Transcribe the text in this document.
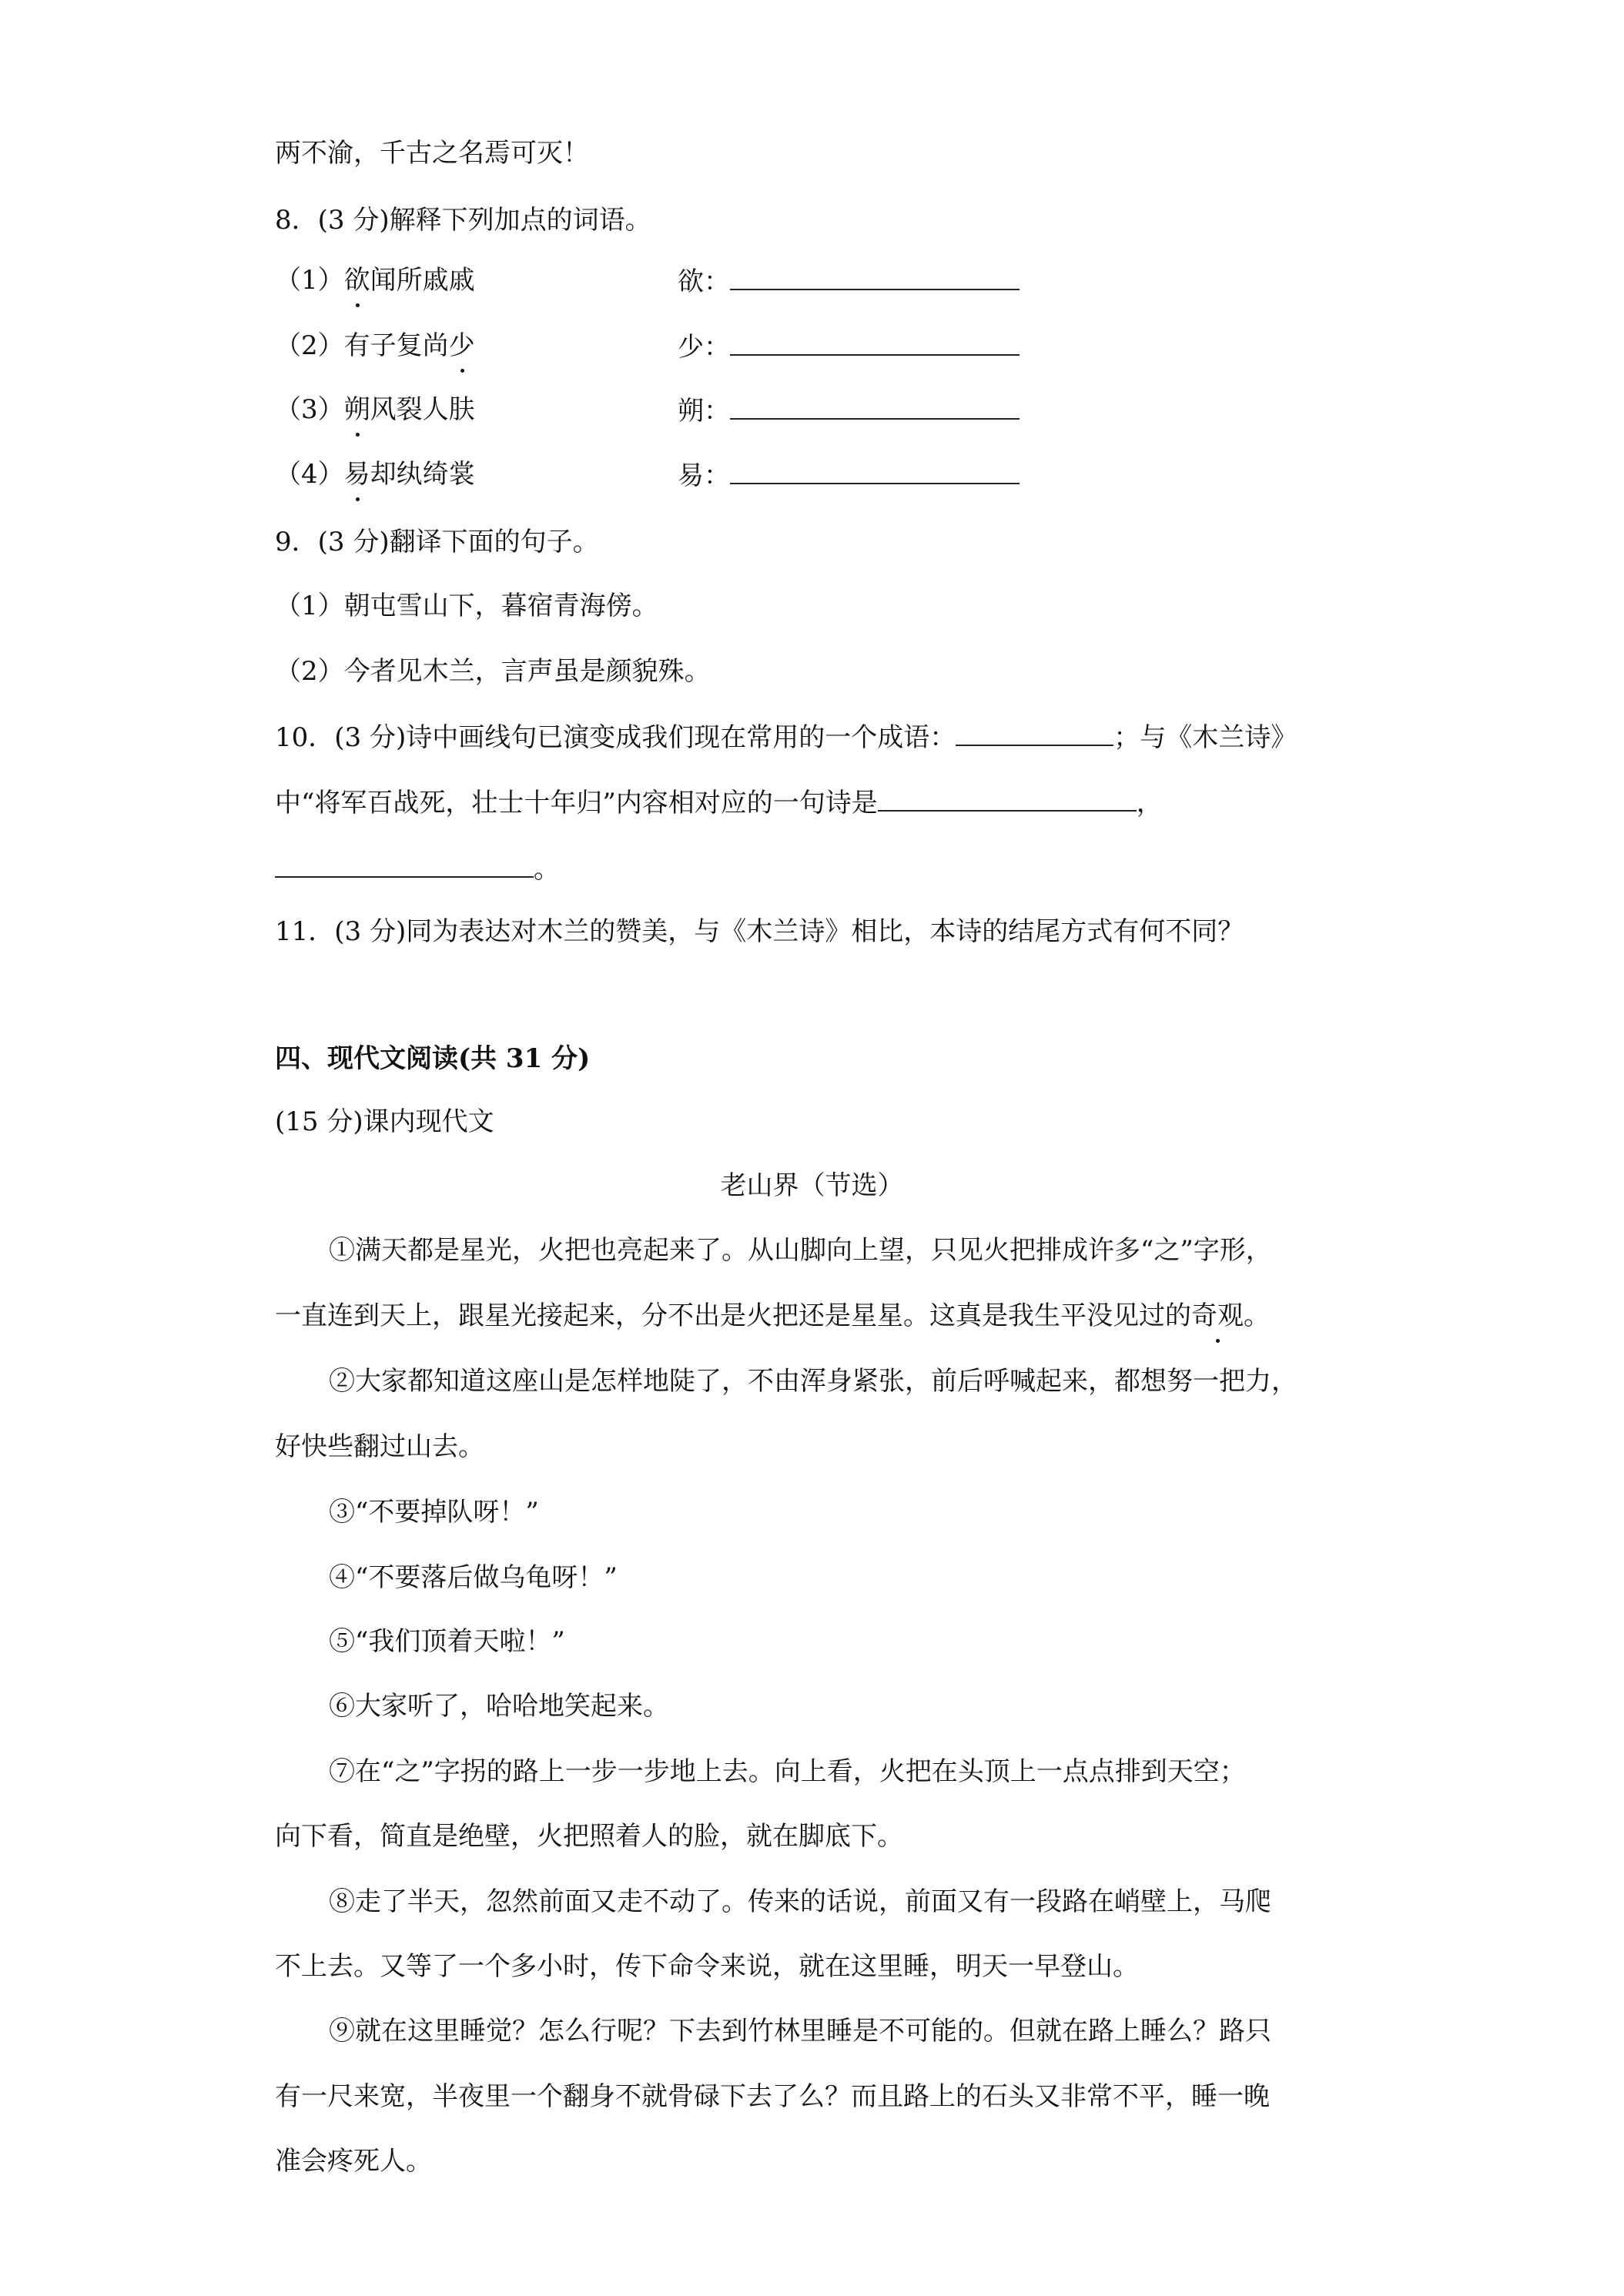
两不渝，千古之名焉可灭！
8．(3 分)解释下列加点的词语。
（1）欲闻所戚戚	欲：
（2）有子复尚少	少：
（3）朔风裂人肤	朔：
（4）易却纨绮裳	易：
9．(3 分)翻译下面的句子。
（1）朝屯雪山下，暮宿青海傍。
（2）今者见木兰，言声虽是颜貌殊。
10．(3 分)诗中画线句已演变成我们现在常用的一个成语：	；与《木兰诗》
中“将军百战死，壮士十年归”内容相对应的一句诗是	，
。
11．(3 分)同为表达对木兰的赞美，与《木兰诗》相比，本诗的结尾方式有何不同？
四、现代文阅读(共 31 分)
(15 分)课内现代文
老山界（节选）
①满天都是星光，火把也亮起来了。从山脚向上望，只见火把排成许多“之”字形，
一直连到天上，跟星光接起来，分不出是火把还是星星。这真是我生平没见过的奇观。
②大家都知道这座山是怎样地陡了，不由浑身紧张，前后呼喊起来，都想努一把力，
好快些翻过山去。
③“不要掉队呀！”
④“不要落后做乌龟呀！”
⑤“我们顶着天啦！”
⑥大家听了，哈哈地笑起来。
⑦在“之”字拐的路上一步一步地上去。向上看，火把在头顶上一点点排到天空；
向下看，简直是绝壁，火把照着人的脸，就在脚底下。
⑧走了半天，忽然前面又走不动了。传来的话说，前面又有一段路在峭壁上，马爬
不上去。又等了一个多小时，传下命令来说，就在这里睡，明天一早登山。
⑨就在这里睡觉？怎么行呢？下去到竹林里睡是不可能的。但就在路上睡么？路只
有一尺来宽，半夜里一个翻身不就骨碌下去了么？而且路上的石头又非常不平，睡一晚
准会疼死人。
